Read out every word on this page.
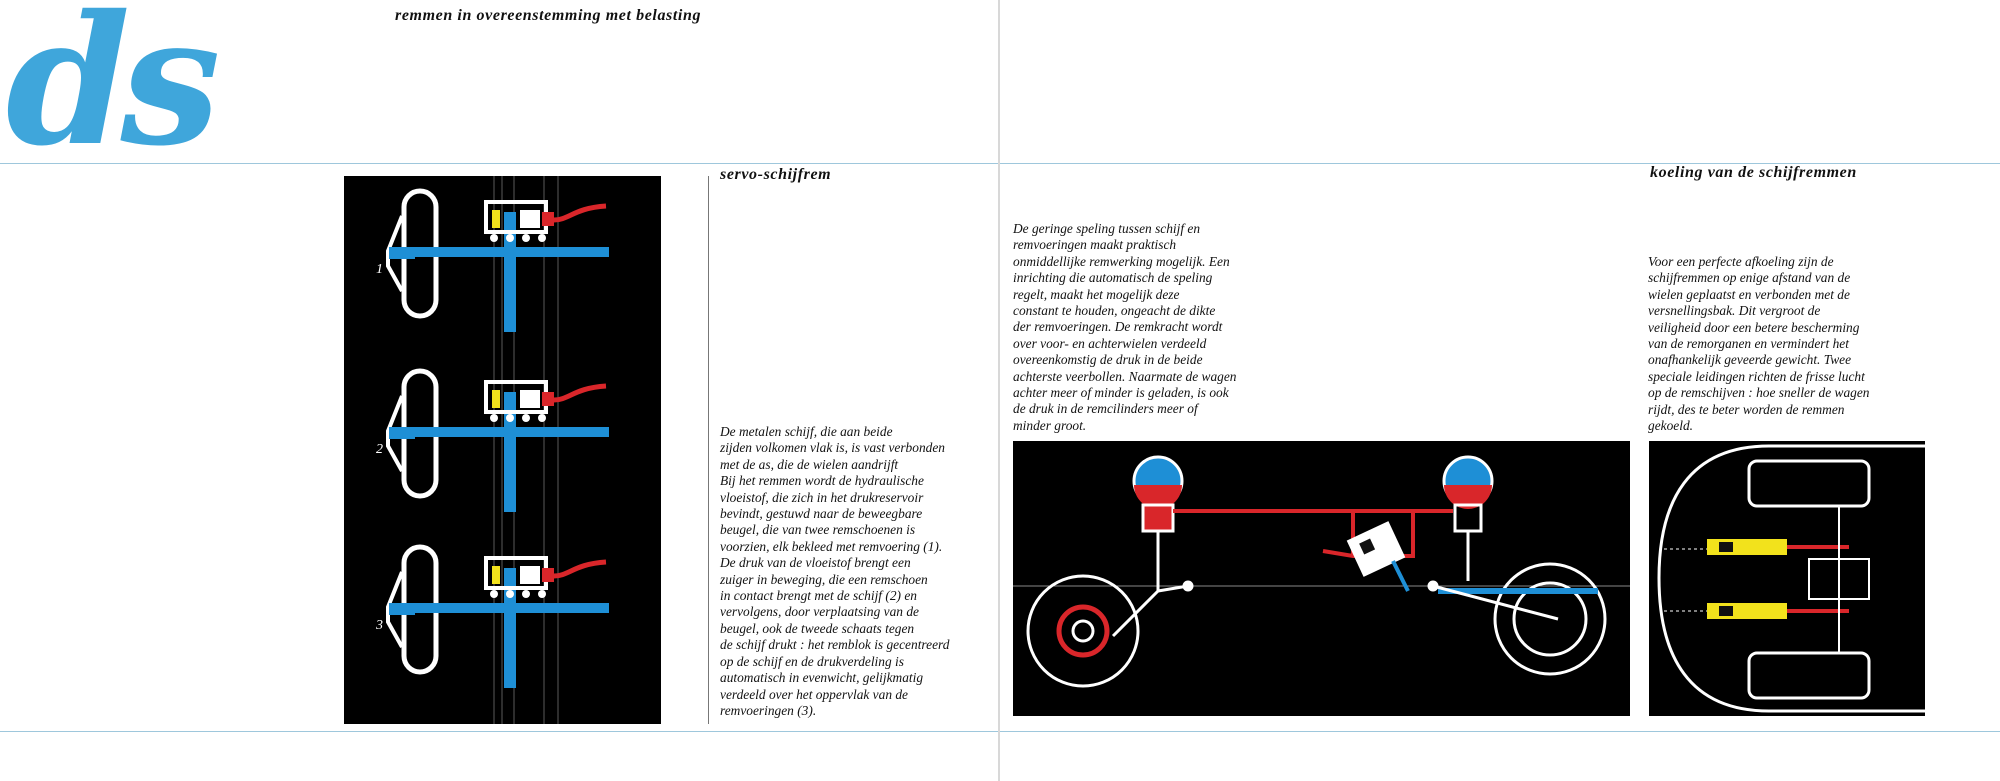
ds	remmen in overeenstemming met belasting
servo-schijfrem	koeling van de schijfremmen
1
2
3
De metalen schijf, die aan beide
zijden volkomen vlak is, is vast verbonden
met de as, die de wielen aandrijft
Bij het remmen wordt de hydraulische
vloeistof, die zich in het drukreservoir
bevindt, gestuwd naar de beweegbare
beugel, die van twee remschoenen is
voorzien, elk bekleed met remvoering (1).
De druk van de vloeistof brengt een
zuiger in beweging, die een remschoen
in contact brengt met de schijf (2) en
vervolgens, door verplaatsing van de
beugel, ook de tweede schaats tegen
de schijf drukt : het remblok is gecentreerd
op de schijf en de drukverdeling is
automatisch in evenwicht, gelijkmatig
verdeeld over het oppervlak van de
remvoeringen (3).
De geringe speling tussen schijf en
remvoeringen maakt praktisch
onmiddellijke remwerking mogelijk. Een
inrichting die automatisch de speling
regelt, maakt het mogelijk deze
constant te houden, ongeacht de dikte
der remvoeringen. De remkracht wordt
over voor- en achterwielen verdeeld
overeenkomstig de druk in de beide
achterste veerbollen. Naarmate de wagen
achter meer of minder is geladen, is ook
de druk in de remcilinders meer of
minder groot.
Voor een perfecte afkoeling zijn de
schijfremmen op enige afstand van de
wielen geplaatst en verbonden met de
versnellingsbak. Dit vergroot de
veiligheid door een betere bescherming
van de remorganen en vermindert het
onafhankelijk geveerde gewicht. Twee
speciale leidingen richten de frisse lucht
op de remschijven : hoe sneller de wagen
rijdt, des te beter worden de remmen
gekoeld.
